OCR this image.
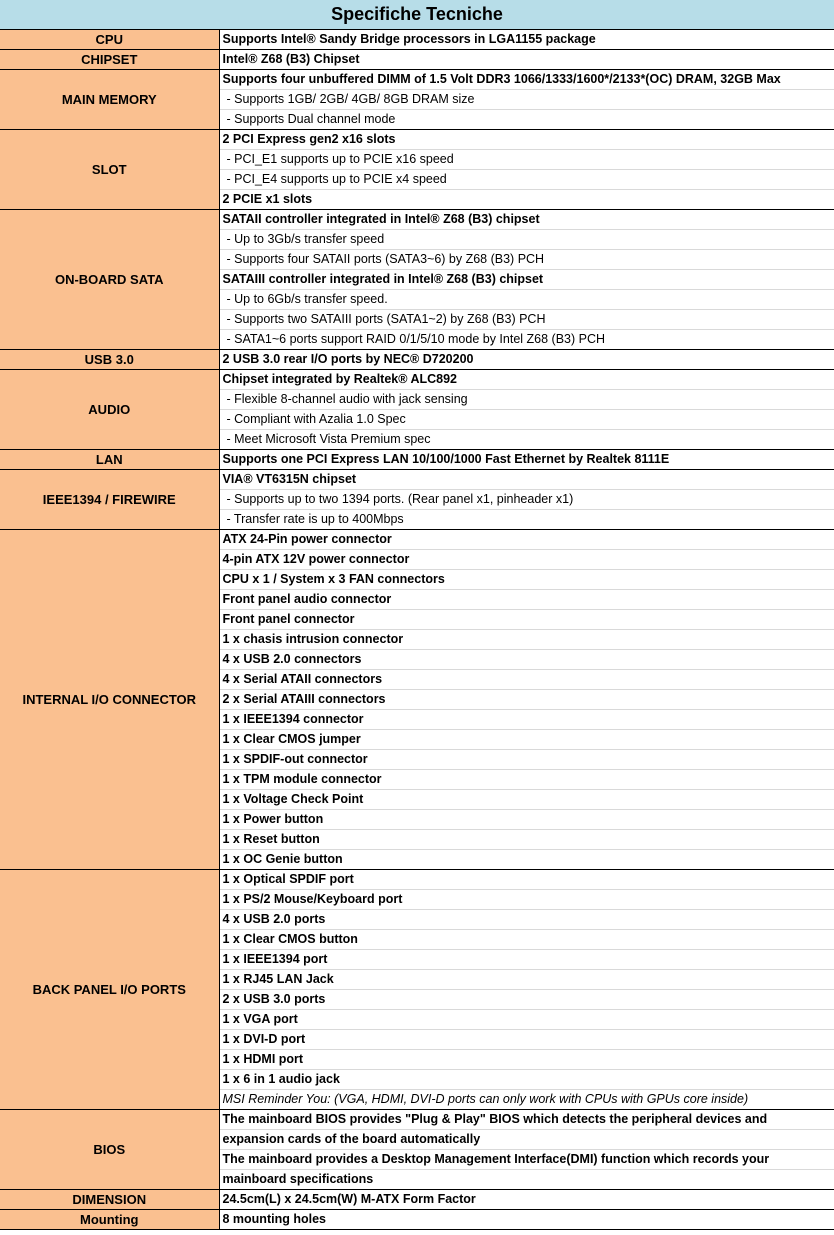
Specifiche Tecniche
CPU	Supports Intel® Sandy Bridge processors in LGA1155 package
CHIPSET	Intel® Z68 (B3) Chipset
MAIN MEMORY	Supports four unbuffered DIMM of 1.5 Volt DDR3 1066/1333/1600*/2133*(OC) DRAM, 32GB Max
	- Supports 1GB/ 2GB/ 4GB/ 8GB DRAM size
	- Supports Dual channel mode
SLOT	2 PCI Express gen2 x16 slots
	- PCI_E1 supports up to PCIE x16 speed
	- PCI_E4 supports up to PCIE x4 speed
	2 PCIE x1 slots
ON-BOARD SATA	SATAII controller integrated in Intel® Z68 (B3) chipset
	- Up to 3Gb/s transfer speed
	- Supports four SATAII ports (SATA3~6) by Z68 (B3) PCH
	SATAIII controller integrated in Intel® Z68 (B3) chipset
	- Up to 6Gb/s transfer speed.
	- Supports two SATAIII ports (SATA1~2) by Z68 (B3) PCH
	- SATA1~6 ports support RAID 0/1/5/10 mode by Intel Z68 (B3) PCH
USB 3.0	2 USB 3.0 rear I/O ports by NEC® D720200
AUDIO	Chipset integrated by Realtek® ALC892
	- Flexible 8-channel audio with jack sensing
	- Compliant with Azalia 1.0 Spec
	- Meet Microsoft Vista Premium spec
LAN	Supports one PCI Express LAN 10/100/1000 Fast Ethernet by Realtek 8111E
IEEE1394 / FIREWIRE	VIA® VT6315N chipset
	- Supports up to two 1394 ports. (Rear panel x1, pinheader x1)
	- Transfer rate is up to 400Mbps
INTERNAL I/O CONNECTOR	ATX 24-Pin power connector
	4-pin ATX 12V power connector
	CPU x 1 / System x 3 FAN connectors
	Front panel audio connector
	Front panel connector
	1 x chasis intrusion connector
	4 x USB 2.0 connectors
	4 x Serial ATAII connectors
	2 x Serial ATAIII connectors
	1 x IEEE1394 connector
	1 x Clear CMOS jumper
	1 x SPDIF-out connector
	1 x TPM module connector
	1 x Voltage Check Point
	1 x Power button
	1 x Reset button
	1 x OC Genie button
BACK PANEL I/O PORTS	1 x Optical SPDIF port
	1 x PS/2 Mouse/Keyboard port
	4 x USB 2.0 ports
	1 x Clear CMOS button
	1 x IEEE1394 port
	1 x RJ45 LAN Jack
	2 x USB 3.0 ports
	1 x VGA port
	1 x DVI-D port
	1 x HDMI port
	1 x 6 in 1 audio jack
	MSI Reminder You: (VGA, HDMI, DVI-D ports can only work with CPUs with GPUs core inside)
BIOS	The mainboard BIOS provides "Plug & Play" BIOS which detects the peripheral devices and
	expansion cards of the board automatically
	The mainboard provides a Desktop Management Interface(DMI) function which records your
	mainboard specifications
DIMENSION	24.5cm(L) x 24.5cm(W) M-ATX Form Factor
Mounting	8 mounting holes
